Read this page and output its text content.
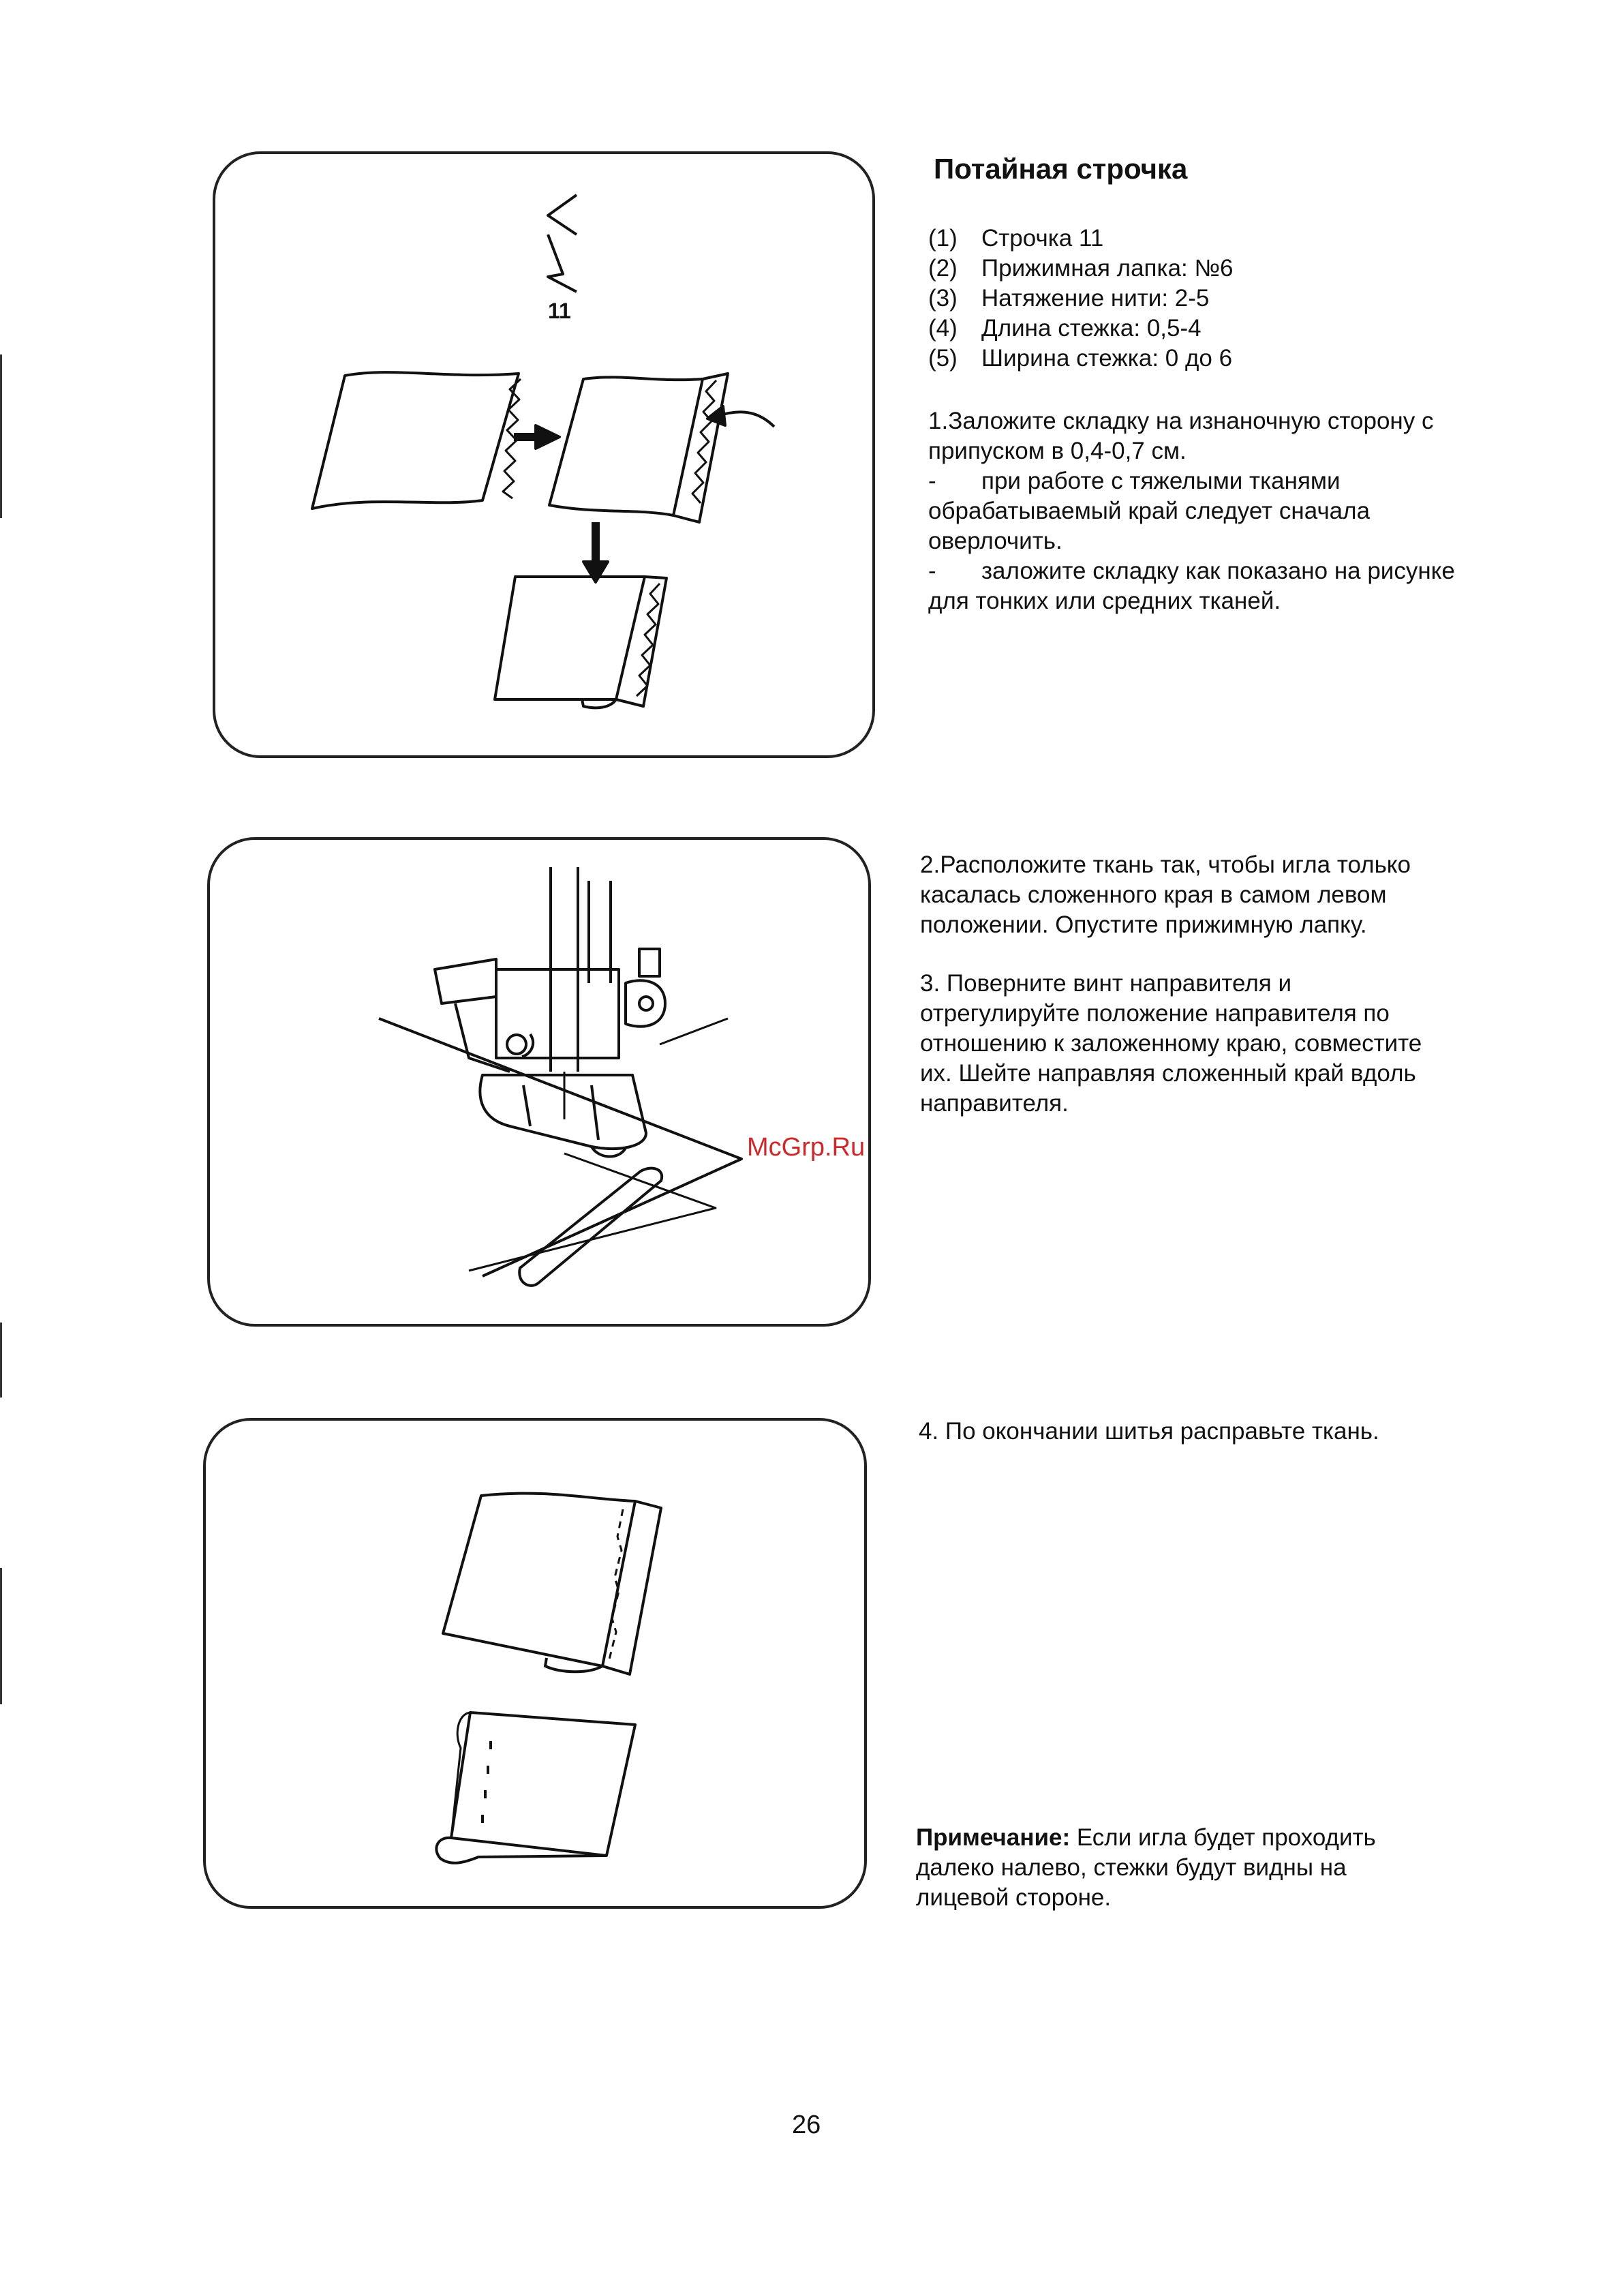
11
Потайная строчка
(1)	Строчка 11
(2)	Прижимная лапка: №6
(3)	Натяжение нити: 2-5
(4)	Длина стежка: 0,5-4
(5)	Ширина стежка: 0 до 6
1.Заложите складку на изнаночную сторону с
припуском в 0,4-0,7 см.
-	при работе с тяжелыми тканями
обрабатываемый край следует сначала
оверлочить.
-	заложите складку как показано на рисунке
для тонких или средних тканей.
2.Расположите ткань так, чтобы игла только
касалась сложенного края в самом левом
положении. Опустите прижимную лапку.
3. Поверните винт направителя и
отрегулируйте положение направителя по
отношению к заложенному краю, совместите
их. Шейте направляя сложенный край вдоль
направителя.
McGrp.Ru
4. По окончании шитья расправьте ткань.
Примечание: Если игла будет проходить
далеко налево, стежки будут видны на
лицевой стороне.
26
